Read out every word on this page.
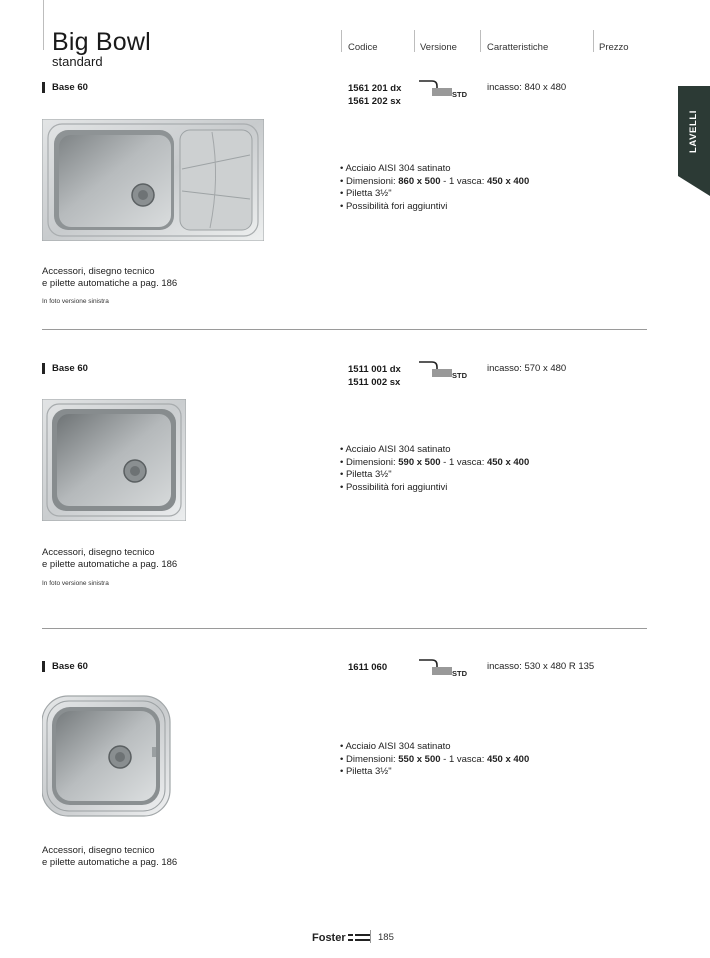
Big Bowl
standard
Codice	Versione	Caratteristiche	Prezzo
LAVELLI
Base 60	1561 201 dx
1561 202 sx
STD
incasso: 840 x 480
• Acciaio AISI 304 satinato
• Dimensioni: 860 x 500 - 1 vasca: 450 x 400
• Piletta 3½"
• Possibilità fori aggiuntivi
Accessori, disegno tecnico
e pilette automatiche a pag. 186
In foto versione sinistra
Base 60	1511 001 dx
1511 002 sx
STD
incasso: 570 x 480
• Acciaio AISI 304 satinato
• Dimensioni: 590 x 500 - 1 vasca: 450 x 400
• Piletta 3½"
• Possibilità fori aggiuntivi
Accessori, disegno tecnico
e pilette automatiche a pag. 186
In foto versione sinistra
Base 60	1611 060
STD
incasso: 530 x 480 R 135
• Acciaio AISI 304 satinato
• Dimensioni: 550 x 500 - 1 vasca: 450 x 400
• Piletta 3½"
Accessori, disegno tecnico
e pilette automatiche a pag. 186
Foster	185
